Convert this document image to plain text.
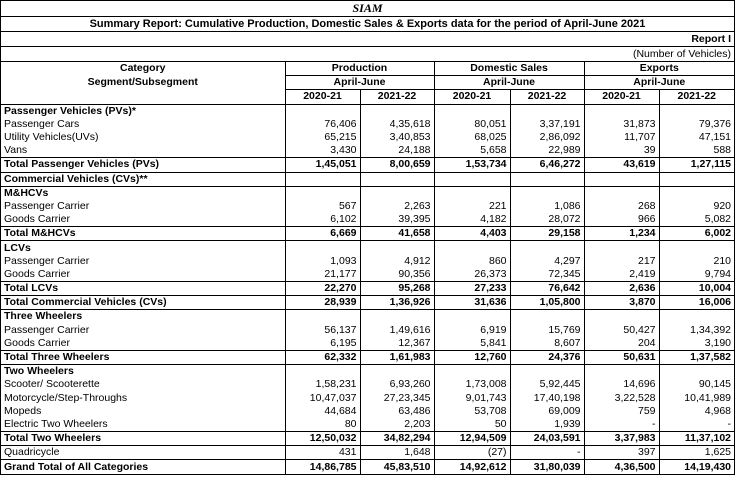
SIAM
Summary Report: Cumulative Production, Domestic Sales & Exports data for the period of April-June 2021
Report I
(Number of Vehicles)
Category	Production		Domestic Sales		Exports	
Segment/Subsegment	April-June		April-June		April-June	
	2020-21	2021-22	2020-21	2021-22	2020-21	2021-22
Passenger Vehicles (PVs)*						
Passenger Cars	76,406	4,35,618	80,051	3,37,191	31,873	79,376
Utility Vehicles(UVs)	65,215	3,40,853	68,025	2,86,092	11,707	47,151
Vans	3,430	24,188	5,658	22,989	39	588
Total Passenger Vehicles (PVs)	1,45,051	8,00,659	1,53,734	6,46,272	43,619	1,27,115
Commercial Vehicles (CVs)**						
M&HCVs						
Passenger Carrier	567	2,263	221	1,086	268	920
Goods Carrier	6,102	39,395	4,182	28,072	966	5,082
Total M&HCVs	6,669	41,658	4,403	29,158	1,234	6,002
LCVs						
Passenger Carrier	1,093	4,912	860	4,297	217	210
Goods Carrier	21,177	90,356	26,373	72,345	2,419	9,794
Total LCVs	22,270	95,268	27,233	76,642	2,636	10,004
Total Commercial Vehicles (CVs)	28,939	1,36,926	31,636	1,05,800	3,870	16,006
Three Wheelers						
Passenger Carrier	56,137	1,49,616	6,919	15,769	50,427	1,34,392
Goods Carrier	6,195	12,367	5,841	8,607	204	3,190
Total Three Wheelers	62,332	1,61,983	12,760	24,376	50,631	1,37,582
Two Wheelers						
Scooter/ Scooterette	1,58,231	6,93,260	1,73,008	5,92,445	14,696	90,145
Motorcycle/Step-Throughs	10,47,037	27,23,345	9,01,743	17,40,198	3,22,528	10,41,989
Mopeds	44,684	63,486	53,708	69,009	759	4,968
Electric Two Wheelers	80	2,203	50	1,939	-	-
Total Two Wheelers	12,50,032	34,82,294	12,94,509	24,03,591	3,37,983	11,37,102
Quadricycle	431	1,648	(27)	-	397	1,625
Grand Total of All Categories	14,86,785	45,83,510	14,92,612	31,80,039	4,36,500	14,19,430
